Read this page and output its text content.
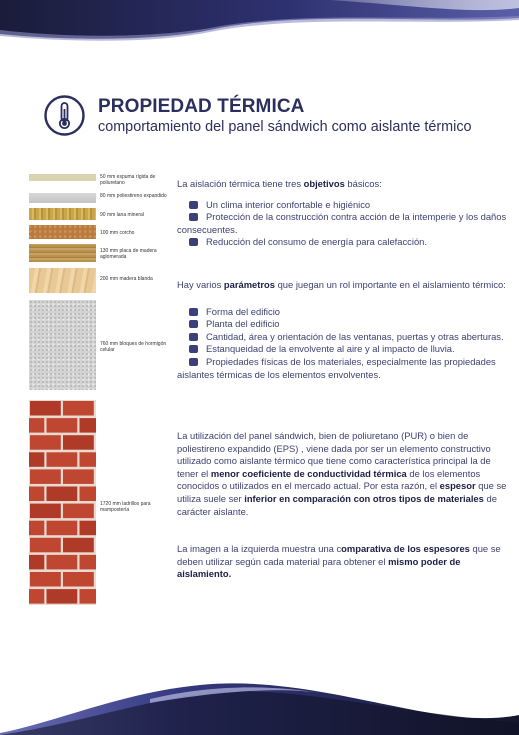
PROPIEDAD TÉRMICA
comportamiento del panel sándwich como aislante térmico
50 mm espuma rígida de poliuretano
80 mm poliestireno expandido
90 mm lana mineral
100 mm corcho
130 mm placa de madera aglomerada
200 mm madera blanda
760 mm bloques de hormigón celular
1720 mm ladrillos para mampostería

La aislación térmica tiene tres objetivos básicos:

Un clima interior confortable e higiénico

Protección de la construcción contra acción de la intemperie y los daños consecuentes.

Reducción del consumo de energía para calefacción.

Hay varios parámetros que juegan un rol importante en el aislamiento térmico:

Forma del edificio

Planta del edificio

Cantidad, área y orientación de las ventanas, puertas y otras aberturas.

Estanqueidad de la envolvente al aire y al impacto de lluvia.

Propiedades físicas de los materiales, especialmente las propiedades aislantes térmicas de los elementos envolventes.

La utilización del panel sándwich, bien de poliuretano (PUR) o bien de poliestireno expandido (EPS) , viene dada por ser un elemento constructivo utilizado como aislante térmico que tiene como característica principal la de tener el menor coeficiente de conductividad térmica de los elementos conocidos o utilizados en el mercado actual. Por esta razón, el espesor que se utiliza suele ser inferior en comparación con otros tipos de materiales de carácter aislante.

La imagen a la izquierda muestra una comparativa de los espesores que se deben utilizar según cada material para obtener el mismo poder de aislamiento.
